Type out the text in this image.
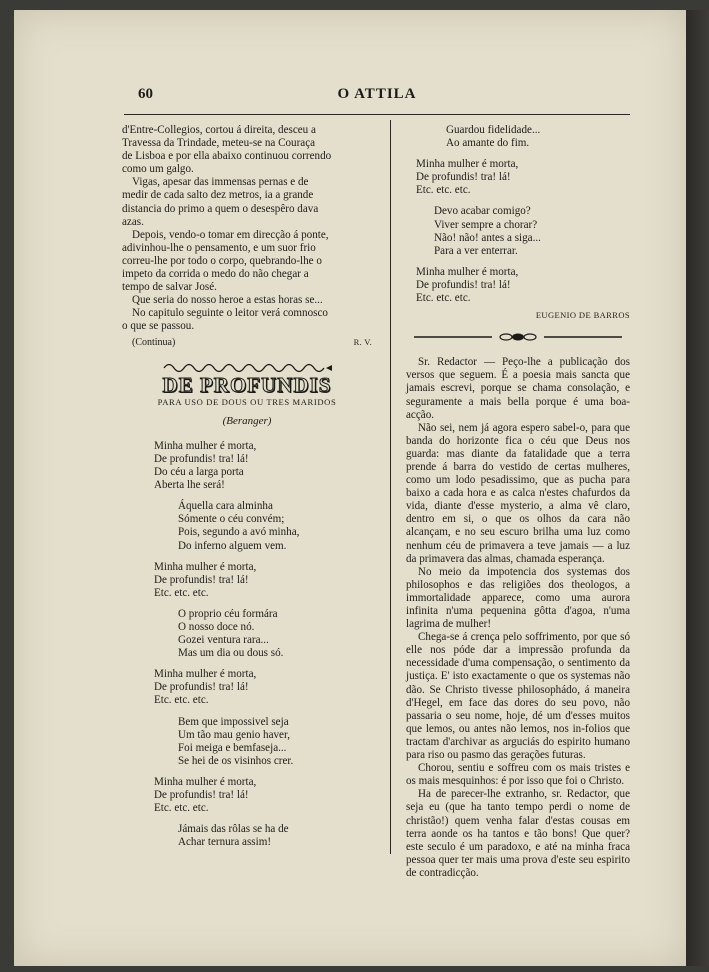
60	O ATTILA
d'Entre-Collegios, cortou á direita, desceu a
Travessa da Trindade, meteu-se na Couraça
de Lisboa e por ella abaixo continuou correndo
como um galgo.
Vigas, apesar das immensas pernas e de
medir de cada salto dez metros, ia a grande
distancia do primo a quem o desespêro dava
azas.
Depois, vendo-o tomar em direcção á ponte,
adivinhou-lhe o pensamento, e um suor frio
correu-lhe por todo o corpo, quebrando-lhe o
impeto da corrida o medo do não chegar a
tempo de salvar José.
Que seria do nosso heroe a estas horas se...
No capitulo seguinte o leitor verá comnosco
o que se passou.
(Continua)	R. V.
DE PROFUNDIS
PARA USO DE DOUS OU TRES MARIDOS
(Beranger)
Minha mulher é morta,
De profundis! tra! lá!
Do céu a larga porta
Aberta lhe será!
Áquella cara alminha
Sómente o céu convém;
Pois, segundo a avó minha,
Do inferno alguem vem.
Minha mulher é morta,
De profundis! tra! lá!
Etc. etc. etc.
O proprio céu formára
O nosso doce nó.
Gozei ventura rara...
Mas um dia ou dous só.
Minha mulher é morta,
De profundis! tra! lá!
Etc. etc. etc.
Bem que impossivel seja
Um tão mau genio haver,
Foi meiga e bemfaseja...
Se hei de os visinhos crer.
Minha mulher é morta,
De profundis! tra! lá!
Etc. etc. etc.
Jámais das rôlas se ha de
Achar ternura assim!
Guardou fidelidade...
Ao amante do fim.
Minha mulher é morta,
De profundis! tra! lá!
Etc. etc. etc.
Devo acabar comigo?
Viver sempre a chorar?
Não! não! antes a siga...
Para a ver enterrar.
Minha mulher é morta,
De profundis! tra! lá!
Etc. etc. etc.
EUGENIO DE BARROS

Sr. Redactor — Peço-lhe a publicação dos versos que seguem. É a poesia mais sancta que jamais escrevi, porque se chama consolação, e seguramente a mais bella porque é uma boa-acção.

Não sei, nem já agora espero sabel-o, para que banda do horizonte fica o céu que Deus nos guarda: mas diante da fatalidade que a terra prende á barra do vestido de certas mulheres, como um lodo pesadissimo, que as pucha para baixo a cada hora e as calca n'estes chafurdos da vida, diante d'esse mysterio, a alma vê claro, dentro em si, o que os olhos da cara não alcançam, e no seu escuro brilha uma luz como nenhum céu de primavera a teve jamais — a luz da primavera das almas, chamada esperança.

No meio da impotencia dos systemas dos philosophos e das religiões dos theologos, a immortalidade apparece, como uma aurora infinita n'uma pequenina gôtta d'agoa, n'uma lagrima de mulher!

Chega-se á crença pelo soffrimento, por que só elle nos póde dar a impressão profunda da necessidade d'uma compensação, o sentimento da justiça. E' isto exactamente o que os systemas não dão. Se Christo tivesse philosophádo, á maneira d'Hegel, em face das dores do seu povo, não passaria o seu nome, hoje, dé um d'esses muitos que lemos, ou antes não lemos, nos in-folios que tractam d'archivar as arguciás do espirito humano para riso ou pasmo das gerações futuras.

Chorou, sentiu e soffreu com os mais tristes e os mais mesquinhos: é por isso que foi o Christo.

Ha de parecer-lhe extranho, sr. Redactor, que seja eu (que ha tanto tempo perdi o nome de christão!) quem venha falar d'estas cousas em terra aonde os ha tantos e tão bons! Que quer? este seculo é um paradoxo, e até na minha fraca pessoa quer ter mais uma prova d'este seu espirito de contradicção.
